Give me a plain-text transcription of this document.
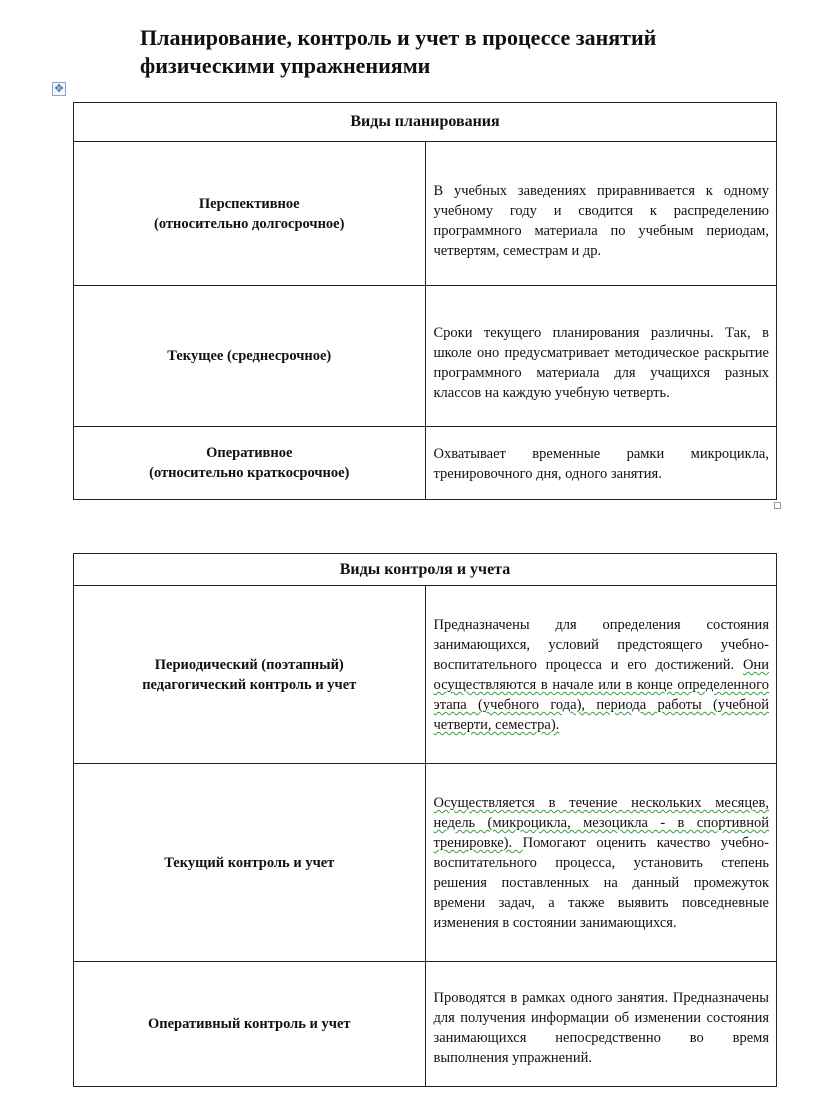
Планирование, контроль и учет в процессе занятий физическими упражнениями
✥
Виды планирования	

Перспективное
(относительно долгосрочное)	В учебных заведениях приравнивается к одному учебному году и сводится к распределению программного материала по учебным периодам, четвертям, семестрам и др.

Текущее (среднесрочное)	Сроки текущего планирования различны. Так, в школе оно предусматривает методическое раскрытие программного материала для учащихся разных классов на каждую учебную четверть.

Оперативное
(относительно краткосрочное)	Охватывает временные рамки микроцикла, тренировочного дня, одного занятия.
Виды контроля и учета	

Периодический (поэтапный)
педагогический контроль и учет	Предназначены для определения состояния занимающихся, условий предстоящего учебно-воспитательного процесса и его достижений. Они осуществляются в начале или в конце определенного этапа (учебного года), периода работы (учебной четверти, семестра).

Текущий контроль и учет	Осуществляется в течение нескольких месяцев, недель (микроцикла, мезоцикла - в спортивной тренировке). Помогают оценить качество учебно-воспитательного процесса, установить степень решения поставленных на данный промежуток времени задач, а также выявить повседневные изменения в состоянии занимающихся.

Оперативный контроль и учет	Проводятся в рамках одного занятия. Предназначены для получения информации об изменении состояния занимающихся непосредственно во время выполнения упражнений.
